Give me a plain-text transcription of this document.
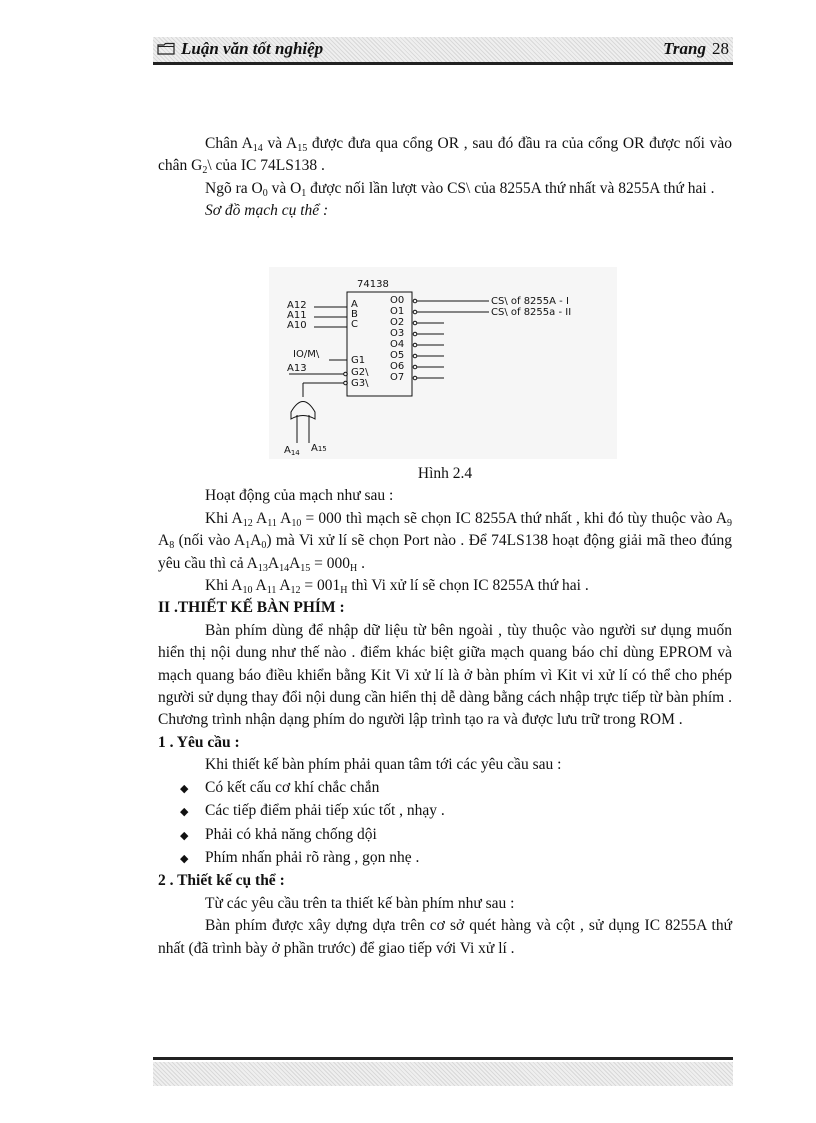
Luận văn tốt nghiệp	Trang 28

Chân $A_{14}$ và $A_{15}$ được đưa qua cổng OR , sau đó đầu ra của cổng OR được nối vào chân $G_2\backslash$ của IC 74LS138 .

Ngõ ra $O_0$ và $O_1$ được nối lần lượt vào CS\ của 8255A thứ nhất và 8255A thứ hai .

Sơ đồ mạch cụ thể :

74138
A12
A11
A10
A
B
C
IO/M\
A13
G1
G2\
G3\
O0
O1
O2
O3
O4
O5
O6
O7
CS\ of 8255A - I
CS\ of 8255a - II
$A_{14}$ A15

Hình 2.4

Hoạt động của mạch như sau :

Khi $A_{12}$ $A_{11}$ $A_{10} = 000$ thì mạch sẽ chọn IC 8255A thứ nhất , khi đó tùy thuộc vào $A_9$ $A_8$ (nối vào $A_1A_0$) mà Vi xử lí sẽ chọn Port nào . Để 74LS138 hoạt động giải mã theo đúng yêu cầu thì cả $A_{13}A_{14}A_{15} = 000_H$ .

Khi $A_{10}$ $A_{11}$ $A_{12} = 001_H$ thì Vi xử lí sẽ chọn IC 8255A thứ hai .

II .THIẾT KẾ BÀN PHÍM :

Bàn phím dùng để nhập dữ liệu từ bên ngoài , tùy thuộc vào người sư dụng muốn hiển thị nội dung như thế nào . điểm khác biệt giữa mạch quang báo chỉ dùng EPROM và mạch quang báo điều khiển bằng Kit Vi xử lí là ở bàn phím vì Kit vi xử lí có thể cho phép người sử dụng thay đổi nội dung cần hiển thị dễ dàng bằng cách nhập trực tiếp từ bàn phím . Chương trình nhận dạng phím do người lập trình tạo ra và được lưu trữ trong ROM .

1 . Yêu cầu :

Khi thiết kế bàn phím phải quan tâm tới các yêu cầu sau :

◆ Có kết cấu cơ khí chắc chắn

◆ Các tiếp điểm phải tiếp xúc tốt , nhạy .

◆ Phải có khả năng chống dội

◆ Phím nhấn phải rõ ràng , gọn nhẹ .

2 . Thiết kế cụ thể :

Từ các yêu cầu trên ta thiết kế bàn phím như sau :

Bàn phím được xây dựng dựa trên cơ sở quét hàng và cột , sử dụng IC 8255A thứ nhất (đã trình bày ở phần trước) để giao tiếp với Vi xử lí .
